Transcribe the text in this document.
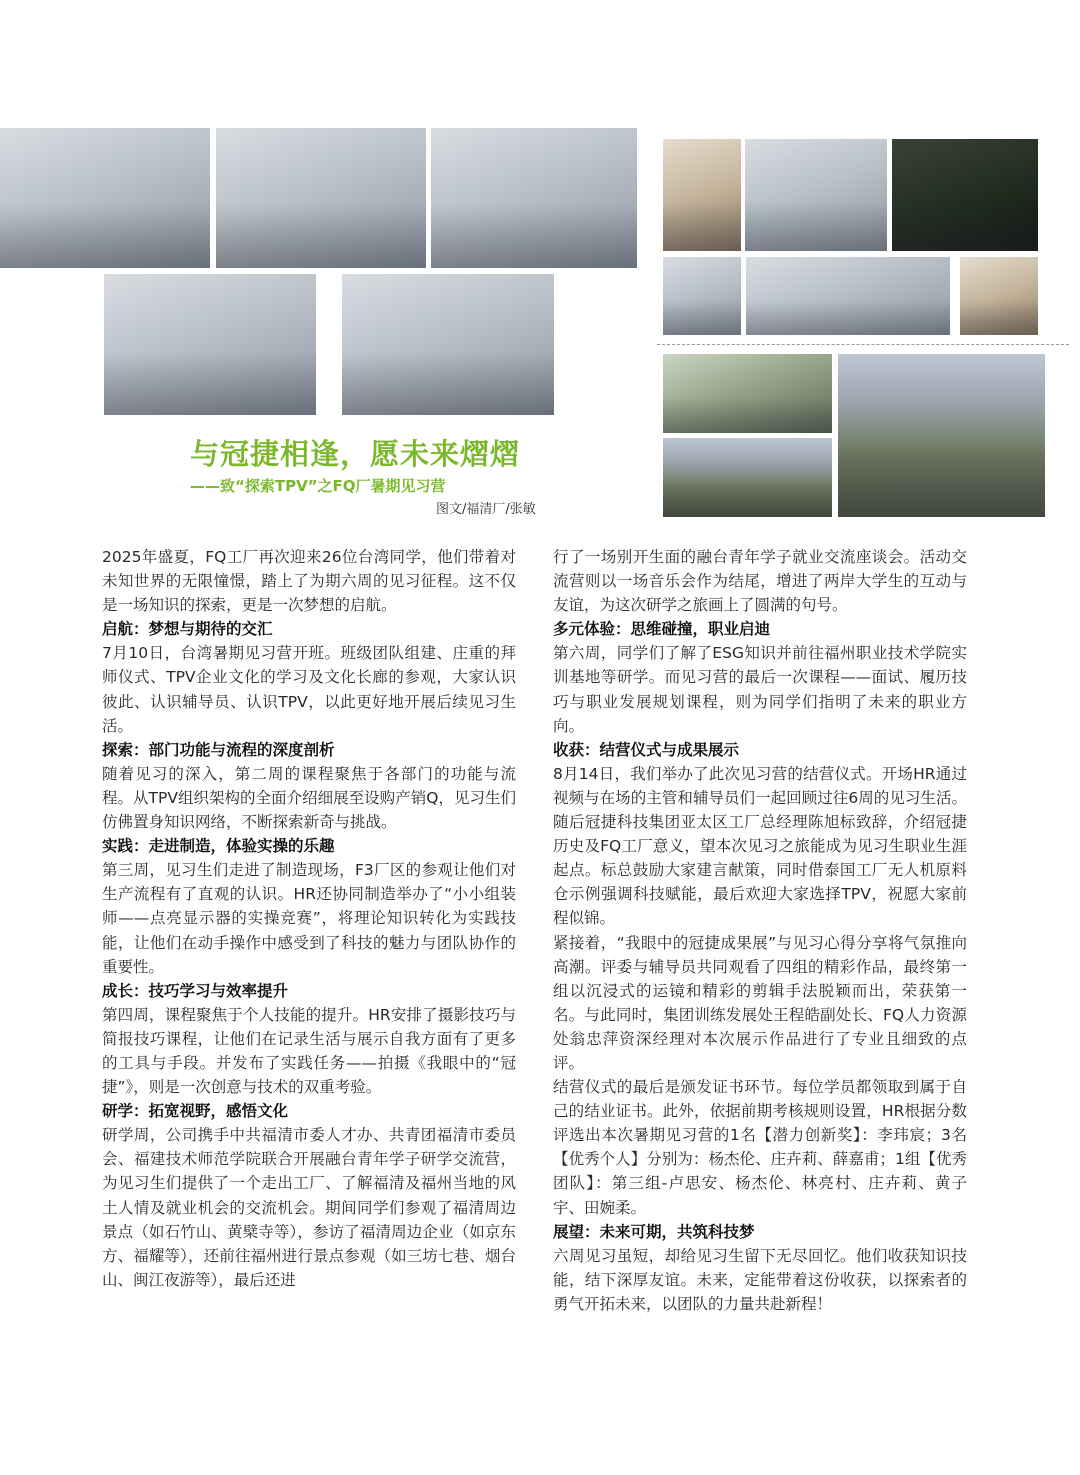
与冠捷相逢，愿未来熠熠
——致“探索TPV”之FQ厂暑期见习营
图文/福清厂/张敏

2025年盛夏，FQ工厂再次迎来26位台湾同学，他们带着对未知世界的无限憧憬，踏上了为期六周的见习征程。这不仅是一场知识的探索，更是一次梦想的启航。

启航：梦想与期待的交汇

7月10日，台湾暑期见习营开班。班级团队组建、庄重的拜师仪式、TPV企业文化的学习及文化长廊的参观，大家认识彼此、认识辅导员、认识TPV，以此更好地开展后续见习生活。

探索：部门功能与流程的深度剖析

随着见习的深入，第二周的课程聚焦于各部门的功能与流程。从TPV组织架构的全面介绍细展至设购产销Q，见习生们仿佛置身知识网络，不断探索新奇与挑战。

实践：走进制造，体验实操的乐趣

第三周，见习生们走进了制造现场，F3厂区的参观让他们对生产流程有了直观的认识。HR还协同制造举办了“小小组装师——点亮显示器的实操竞赛”，将理论知识转化为实践技能，让他们在动手操作中感受到了科技的魅力与团队协作的重要性。

成长：技巧学习与效率提升

第四周，课程聚焦于个人技能的提升。HR安排了摄影技巧与简报技巧课程，让他们在记录生活与展示自我方面有了更多的工具与手段。并发布了实践任务——拍摄《我眼中的“冠捷”》，则是一次创意与技术的双重考验。

研学：拓宽视野，感悟文化

研学周，公司携手中共福清市委人才办、共青团福清市委员会、福建技术师范学院联合开展融台青年学子研学交流营，为见习生们提供了一个走出工厂、了解福清及福州当地的风土人情及就业机会的交流机会。期间同学们参观了福清周边景点（如石竹山、黄檗寺等），参访了福清周边企业（如京东方、福耀等），还前往福州进行景点参观（如三坊七巷、烟台山、闽江夜游等），最后还进

行了一场别开生面的融台青年学子就业交流座谈会。活动交流营则以一场音乐会作为结尾，增进了两岸大学生的互动与友谊，为这次研学之旅画上了圆满的句号。

多元体验：思维碰撞，职业启迪

第六周，同学们了解了ESG知识并前往福州职业技术学院实训基地等研学。而见习营的最后一次课程——面试、履历技巧与职业发展规划课程，则为同学们指明了未来的职业方向。

收获：结营仪式与成果展示

8月14日，我们举办了此次见习营的结营仪式。开场HR通过视频与在场的主管和辅导员们一起回顾过往6周的见习生活。随后冠捷科技集团亚太区工厂总经理陈旭标致辞，介绍冠捷历史及FQ工厂意义，望本次见习之旅能成为见习生职业生涯起点。标总鼓励大家建言献策，同时借泰国工厂无人机原料仓示例强调科技赋能，最后欢迎大家选择TPV，祝愿大家前程似锦。

紧接着，“我眼中的冠捷成果展”与见习心得分享将气氛推向高潮。评委与辅导员共同观看了四组的精彩作品，最终第一组以沉浸式的运镜和精彩的剪辑手法脱颖而出，荣获第一名。与此同时，集团训练发展处王程皓副处长、FQ人力资源处翁忠萍资深经理对本次展示作品进行了专业且细致的点评。

结营仪式的最后是颁发证书环节。每位学员都领取到属于自己的结业证书。此外，依据前期考核规则设置，HR根据分数评选出本次暑期见习营的1名【潜力创新奖】：李玮宸；3名【优秀个人】分别为：杨杰伦、庄卉莉、薛嘉甫；1组【优秀团队】：第三组-卢思安、杨杰伦、林亮村、庄卉莉、黄子宇、田婉柔。

展望：未来可期，共筑科技梦

六周见习虽短，却给见习生留下无尽回忆。他们收获知识技能，结下深厚友谊。未来，定能带着这份收获，以探索者的勇气开拓未来，以团队的力量共赴新程！
